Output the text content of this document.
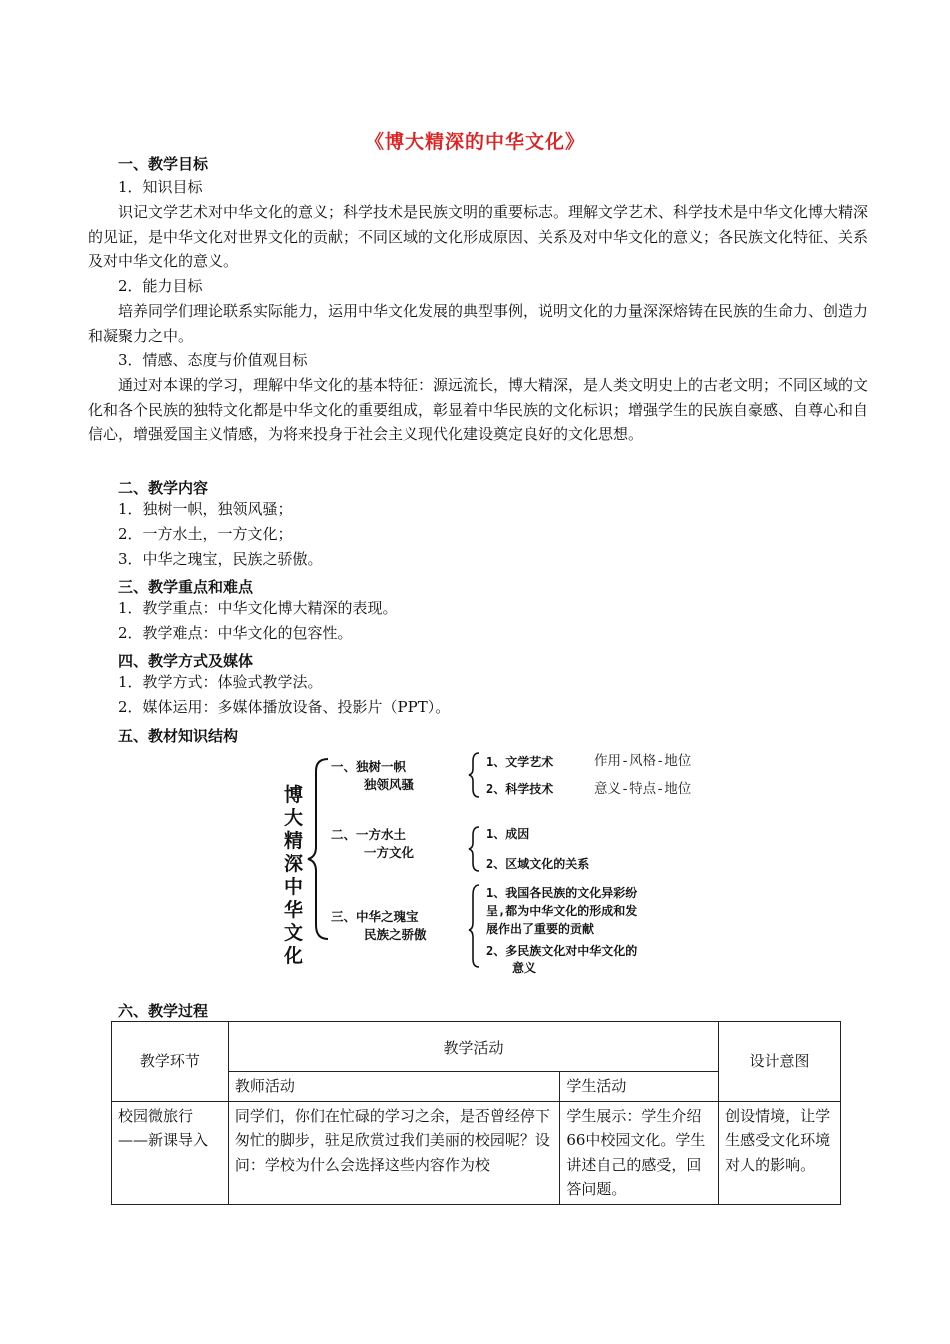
《博大精深的中华文化》
一、教学目标
1．知识目标
识记文学艺术对中华文化的意义；科学技术是民族文明的重要标志。理解文学艺术、科学技术是中华文化博大精深的见证，是中华文化对世界文化的贡献；不同区域的文化形成原因、关系及对中华文化的意义；各民族文化特征、关系及对中华文化的意义。
2．能力目标
培养同学们理论联系实际能力，运用中华文化发展的典型事例，说明文化的力量深深熔铸在民族的生命力、创造力和凝聚力之中。
3．情感、态度与价值观目标
通过对本课的学习，理解中华文化的基本特征：源远流长，博大精深，是人类文明史上的古老文明；不同区域的文化和各个民族的独特文化都是中华文化的重要组成，彰显着中华民族的文化标识；增强学生的民族自豪感、自尊心和自信心，增强爱国主义情感，为将来投身于社会主义现代化建设奠定良好的文化思想。
二、教学内容
1．独树一帜，独领风骚；
2．一方水土，一方文化；
3．中华之瑰宝，民族之骄傲。
三、教学重点和难点
1．教学重点：中华文化博大精深的表现。
2．教学难点：中华文化的包容性。
四、教学方式及媒体
1．教学方式：体验式教学法。
2．媒体运用：多媒体播放设备、投影片（PPT）。
五、教材知识结构
博
大
精
深
中
华
文
化
一、独树一帜
独领风骚
1、文学艺术
2、科学技术
作用-风格-地位
意义-特点-地位
二、一方水土
一方文化
1、成因
2、区域文化的关系
三、中华之瑰宝
民族之骄傲
1、我国各民族的文化异彩纷
呈,都为中华文化的形成和发
展作出了重要的贡献
2、多民族文化对中华文化的
意义
六、教学过程
教学环节	教学活动		设计意图
	教师活动	学生活动	
校园微旅行——新课导入	同学们，你们在忙碌的学习之余，是否曾经停下匆忙的脚步，驻足欣赏过我们美丽的校园呢？设问：学校为什么会选择这些内容作为校	学生展示：学生介绍66中校园文化。学生讲述自己的感受，回答问题。	创设情境，让学生感受文化环境对人的影响。
